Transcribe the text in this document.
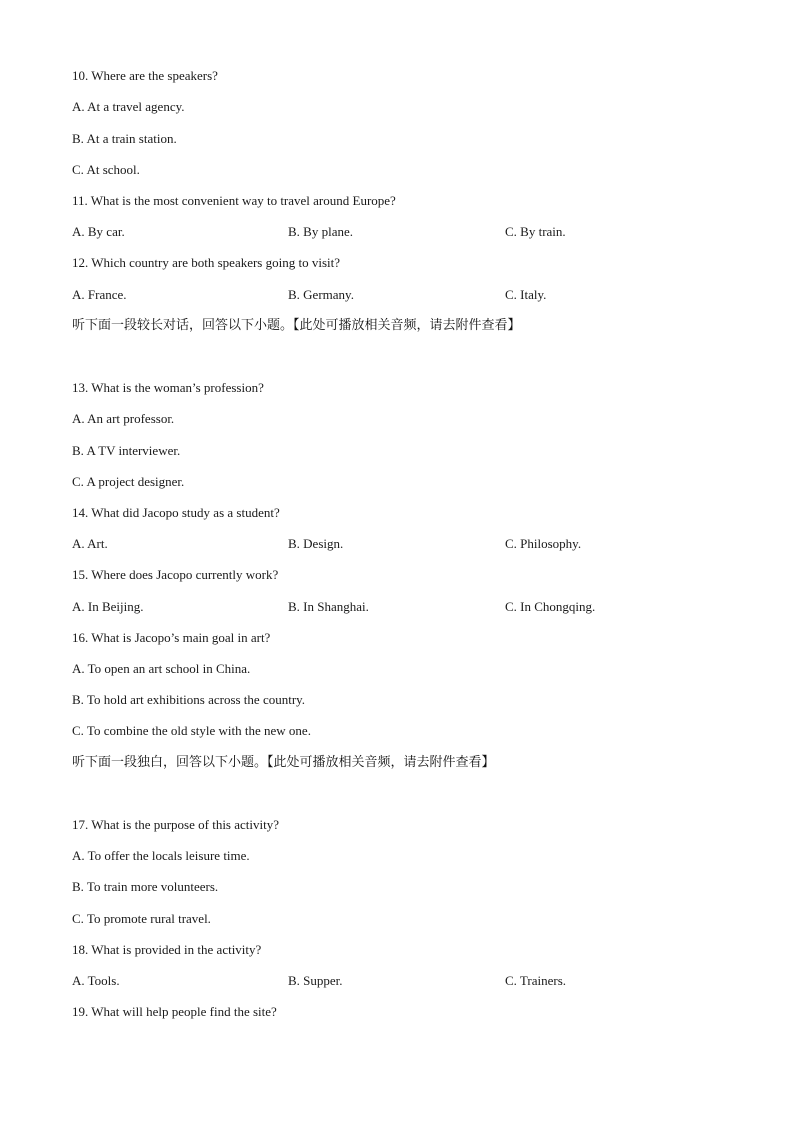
10. Where are the speakers?
A. At a travel agency.
B. At a train station.
C. At school.
11. What is the most convenient way to travel around Europe?
A. By car.	B. By plane.	C. By train.
12. Which country are both speakers going to visit?
A. France.	B. Germany.	C. Italy.
听下面一段较长对话，回答以下小题。【此处可播放相关音频，请去附件查看】
13. What is the woman’s profession?
A. An art professor.
B. A TV interviewer.
C. A project designer.
14. What did Jacopo study as a student?
A. Art.	B. Design.	C. Philosophy.
15. Where does Jacopo currently work?
A. In Beijing.	B. In Shanghai.	C. In Chongqing.
16. What is Jacopo’s main goal in art?
A. To open an art school in China.
B. To hold art exhibitions across the country.
C. To combine the old style with the new one.
听下面一段独白，回答以下小题。【此处可播放相关音频，请去附件查看】
17. What is the purpose of this activity?
A. To offer the locals leisure time.
B. To train more volunteers.
C. To promote rural travel.
18. What is provided in the activity?
A. Tools.	B. Supper.	C. Trainers.
19. What will help people find the site?
